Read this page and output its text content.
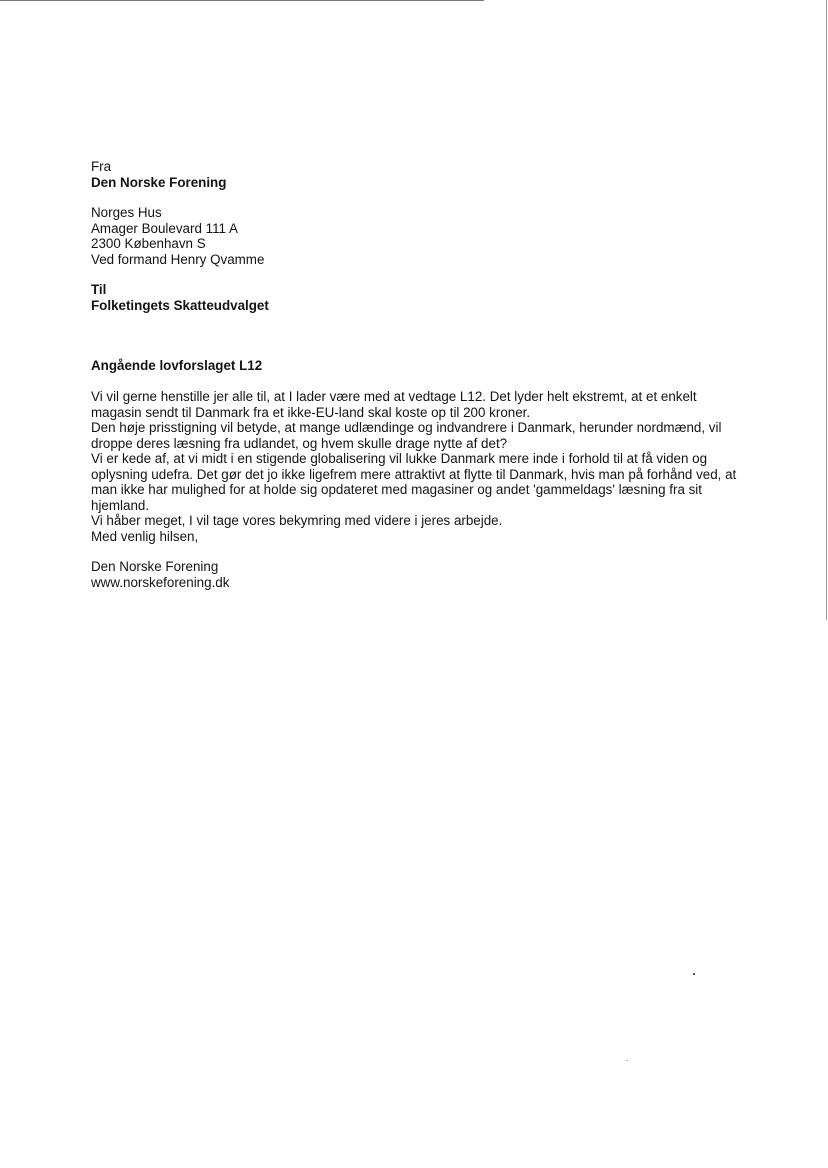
Fra
Den Norske Forening
Norges Hus
Amager Boulevard 111 A
2300 København S
Ved formand Henry Qvamme
Til
Folketingets Skatteudvalget
Angående lovforslaget L12
Vi vil gerne henstille jer alle til, at I lader være med at vedtage L12. Det lyder helt ekstremt, at et enkelt
magasin sendt til Danmark fra et ikke-EU-land skal koste op til 200 kroner.
Den høje prisstigning vil betyde, at mange udlændinge og indvandrere i Danmark, herunder nordmænd, vil
droppe deres læsning fra udlandet, og hvem skulle drage nytte af det?
Vi er kede af, at vi midt i en stigende globalisering vil lukke Danmark mere inde i forhold til at få viden og
oplysning udefra. Det gør det jo ikke ligefrem mere attraktivt at flytte til Danmark, hvis man på forhånd ved, at
man ikke har mulighed for at holde sig opdateret med magasiner og andet 'gammeldags' læsning fra sit
hjemland.
Vi håber meget, I vil tage vores bekymring med videre i jeres arbejde.
Med venlig hilsen,
Den Norske Forening
www.norskeforening.dk
